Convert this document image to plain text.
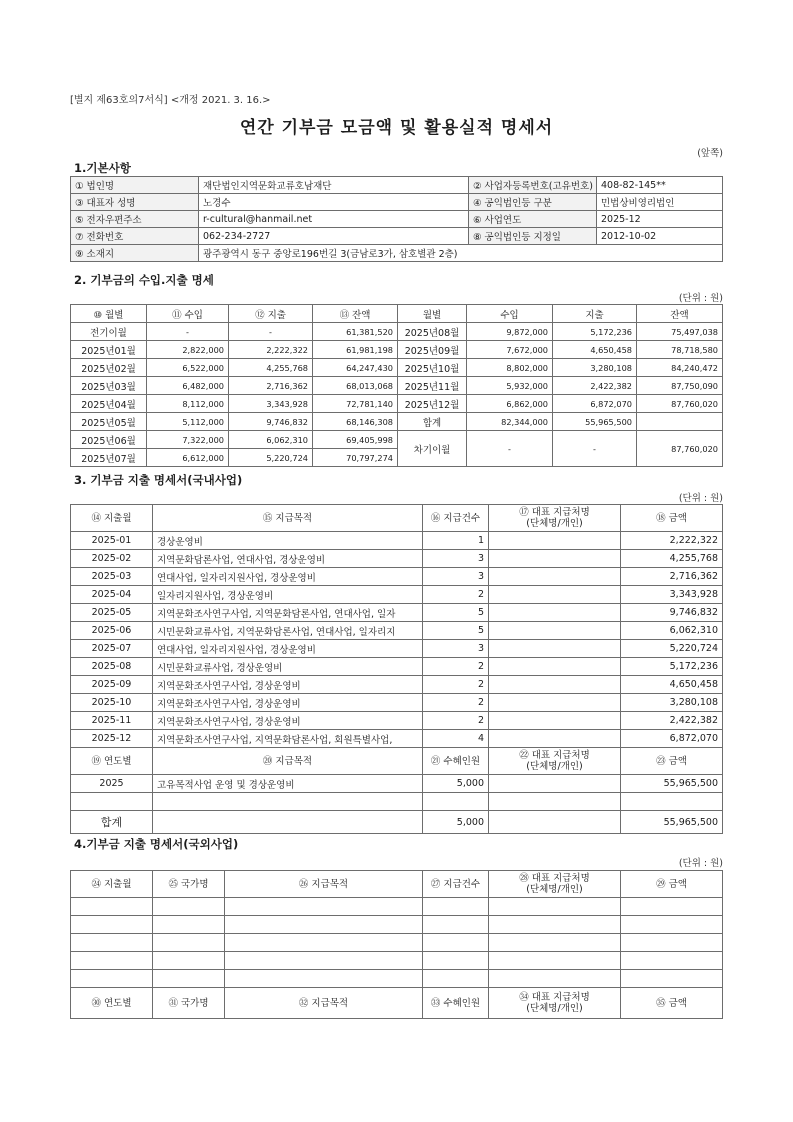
[별지 제63호의7서식] <개정 2021. 3. 16.>
연간 기부금 모금액 및 활용실적 명세서
(앞쪽)
1.기본사항
① 법인명	재단법인지역문화교류호남재단	② 사업자등록번호(고유번호)	408-82-145**
③ 대표자 성명	노경수	④ 공익법인등 구분	민법상비영리법인
⑤ 전자우편주소	r-cultural@hanmail.net	⑥ 사업연도	2025-12
⑦ 전화번호	062-234-2727	⑧ 공익법인등 지정일	2012-10-02
⑨ 소재지	광주광역시 동구 중앙로196번길 3(금남로3가, 삼호별관 2층)		
2. 기부금의 수입.지출 명세
(단위 : 원)
⑩ 월별	⑪ 수입	⑫ 지출	⑬ 잔액	월별	수입	지출	잔액
전기이월	-	-	61,381,520	2025년08월	9,872,000	5,172,236	75,497,038
2025년01월	2,822,000	2,222,322	61,981,198	2025년09월	7,672,000	4,650,458	78,718,580
2025년02월	6,522,000	4,255,768	64,247,430	2025년10월	8,802,000	3,280,108	84,240,472
2025년03월	6,482,000	2,716,362	68,013,068	2025년11월	5,932,000	2,422,382	87,750,090
2025년04월	8,112,000	3,343,928	72,781,140	2025년12월	6,862,000	6,872,070	87,760,020
2025년05월	5,112,000	9,746,832	68,146,308	합계	82,344,000	55,965,500	
2025년06월	7,322,000	6,062,310	69,405,998	차기이월	-	-	87,760,020
2025년07월	6,612,000	5,220,724	70,797,274				
3. 기부금 지출 명세서(국내사업)
(단위 : 원)
⑭ 지출월	⑮ 지급목적	⑯ 지급건수	⑰ 대표 지급처명
(단체명/개인)	⑱ 금액
2025-01	경상운영비	1		2,222,322
2025-02	지역문화담론사업, 연대사업, 경상운영비	3		4,255,768
2025-03	연대사업, 일자리지원사업, 경상운영비	3		2,716,362
2025-04	일자리지원사업, 경상운영비	2		3,343,928
2025-05	지역문화조사연구사업, 지역문화담론사업, 연대사업, 일자	5		9,746,832
2025-06	시민문화교류사업, 지역문화담론사업, 연대사업, 일자리지	5		6,062,310
2025-07	연대사업, 일자리지원사업, 경상운영비	3		5,220,724
2025-08	시민문화교류사업, 경상운영비	2		5,172,236
2025-09	지역문화조사연구사업, 경상운영비	2		4,650,458
2025-10	지역문화조사연구사업, 경상운영비	2		3,280,108
2025-11	지역문화조사연구사업, 경상운영비	2		2,422,382
2025-12	지역문화조사연구사업, 지역문화담론사업, 회원특별사업,	4		6,872,070
⑲ 연도별	⑳ 지급목적	㉑ 수혜인원	㉒ 대표 지급처명
(단체명/개인)	㉓ 금액
2025	고유목적사업 운영 및 경상운영비	5,000		55,965,500

합계		5,000		55,965,500
4.기부금 지출 명세서(국외사업)
(단위 : 원)
㉔ 지출월	㉕ 국가명	㉖ 지급목적	㉗ 지급건수	㉘ 대표 지급처명
(단체명/개인)	㉙ 금액

㉚ 연도별	㉛ 국가명	㉜ 지급목적	㉝ 수혜인원	㉞ 대표 지급처명
(단체명/개인)	㉟ 금액
